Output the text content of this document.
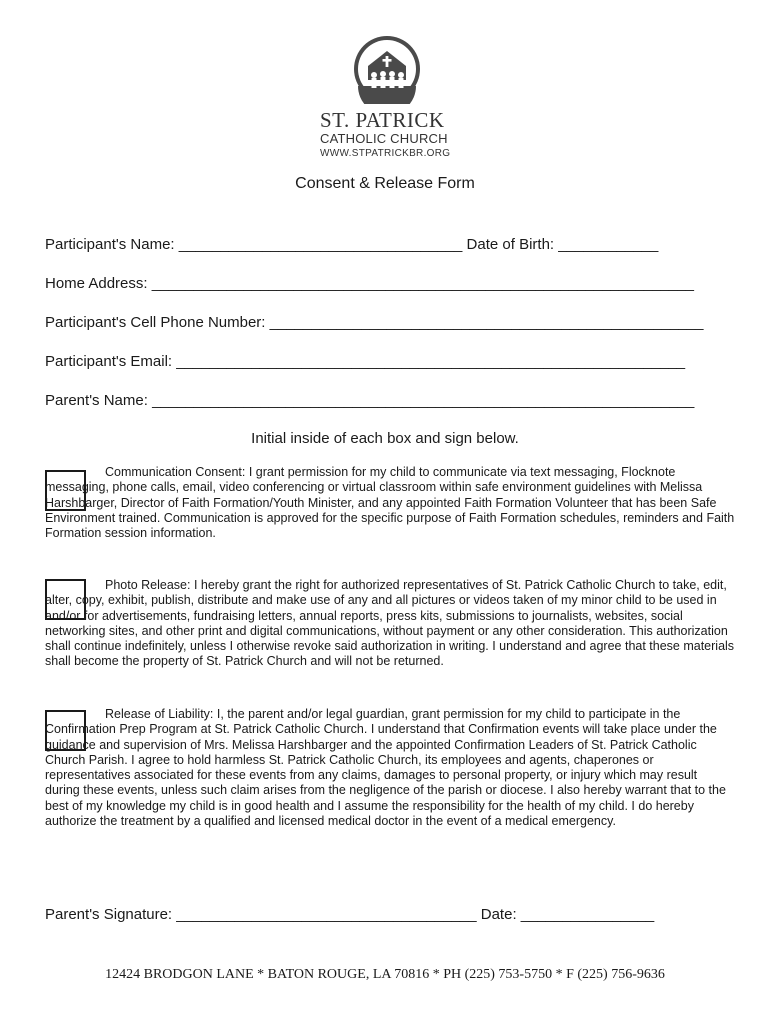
ST. PATRICK
CATHOLIC CHURCH
WWW.STPATRICKBR.ORG
Consent & Release Form
Participant's Name: __________________________________ Date of Birth: ____________
Home Address: _________________________________________________________________
Participant's Cell Phone Number: ____________________________________________________
Participant's Email: _____________________________________________________________
Parent's Name: _________________________________________________________________
Initial inside of each box and sign below.
Communication Consent: I grant permission for my child to communicate via text messaging, Flocknote messaging, phone calls, email, video conferencing or virtual classroom within safe environment guidelines with Melissa Harshbarger, Director of Faith Formation/Youth Minister, and any appointed Faith Formation Volunteer that has been Safe Environment trained. Communication is approved for the specific purpose of Faith Formation schedules, reminders and Faith Formation session information.
Photo Release: I hereby grant the right for authorized representatives of St. Patrick Catholic Church to take, edit, alter, copy, exhibit, publish, distribute and make use of any and all pictures or videos taken of my minor child to be used in and/or for advertisements, fundraising letters, annual reports, press kits, submissions to journalists, websites, social networking sites, and other print and digital communications, without payment or any other consideration. This authorization shall continue indefinitely, unless I otherwise revoke said authorization in writing. I understand and agree that these materials shall become the property of St. Patrick Church and will not be returned.
Release of Liability: I, the parent and/or legal guardian, grant permission for my child to participate in the Confirmation Prep Program at St. Patrick Catholic Church. I understand that Confirmation events will take place under the guidance and supervision of Mrs. Melissa Harshbarger and the appointed Confirmation Leaders of St. Patrick Catholic Church Parish. I agree to hold harmless St. Patrick Catholic Church, its employees and agents, chaperones or representatives associated for these events from any claims, damages to personal property, or injury which may result during these events, unless such claim arises from the negligence of the parish or diocese. I also hereby warrant that to the best of my knowledge my child is in good health and I assume the responsibility for the health of my child. I do hereby authorize the treatment by a qualified and licensed medical doctor in the event of a medical emergency.
Parent's Signature: ____________________________________ Date: ________________
12424 BRODGON LANE * BATON ROUGE, LA 70816 * PH (225) 753-5750 * F (225) 756-9636
